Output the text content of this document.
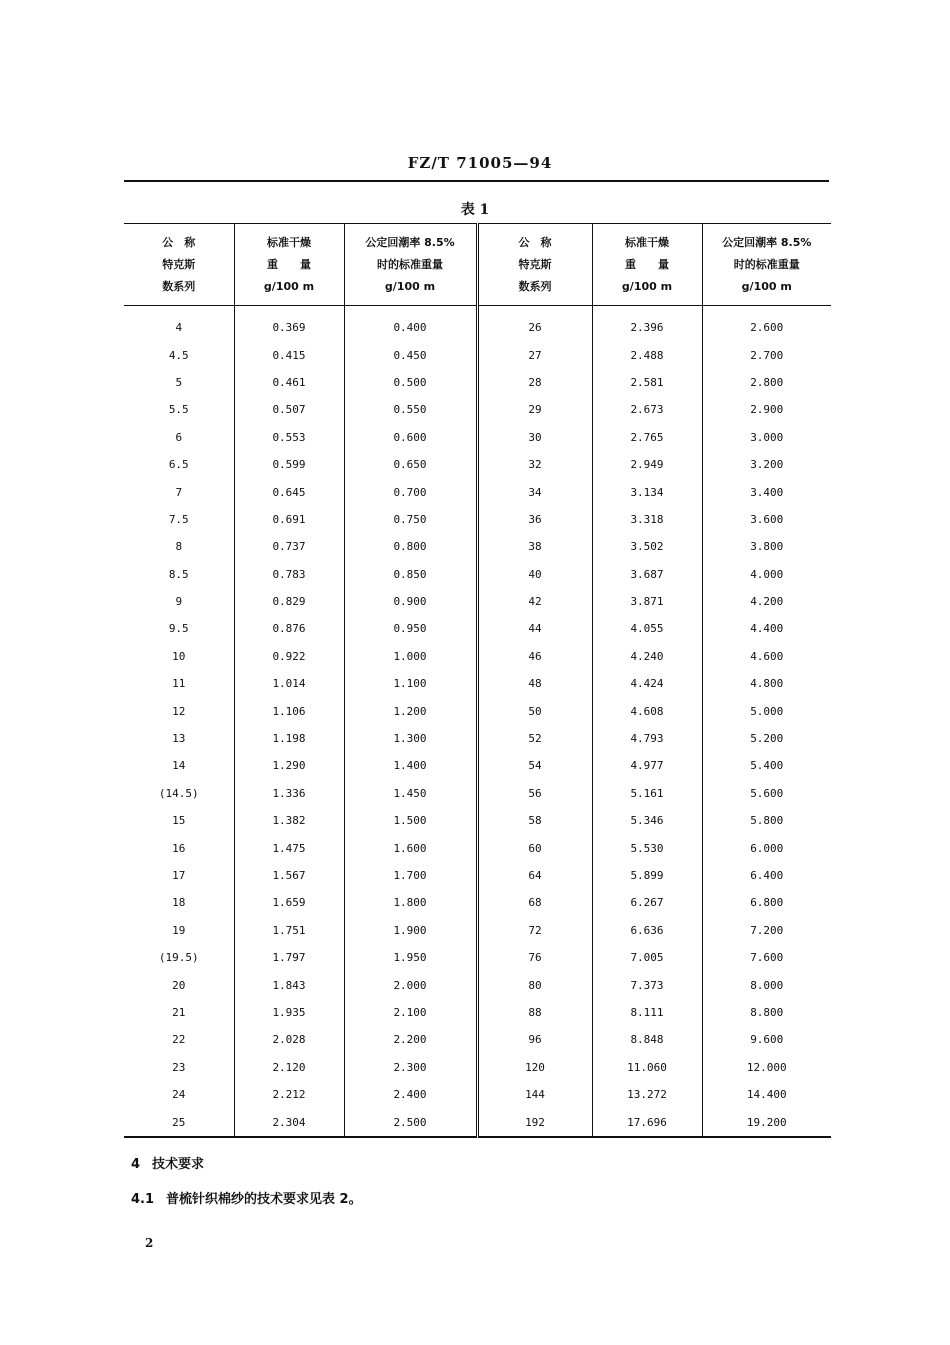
FZ/T 71005—94
表 1
公　称
特克斯
数系列	标准干燥
重　　量
g/100 m	公定回潮率 8.5%
时的标准重量
g/100 m	公　称
特克斯
数系列	标准干燥
重　　量
g/100 m	公定回潮率 8.5%
时的标准重量
g/100 m

4	0.369	0.400	26	2.396	2.600
4.5	0.415	0.450	27	2.488	2.700
5	0.461	0.500	28	2.581	2.800
5.5	0.507	0.550	29	2.673	2.900
6	0.553	0.600	30	2.765	3.000
6.5	0.599	0.650	32	2.949	3.200
7	0.645	0.700	34	3.134	3.400
7.5	0.691	0.750	36	3.318	3.600
8	0.737	0.800	38	3.502	3.800
8.5	0.783	0.850	40	3.687	4.000
9	0.829	0.900	42	3.871	4.200
9.5	0.876	0.950	44	4.055	4.400
10	0.922	1.000	46	4.240	4.600
11	1.014	1.100	48	4.424	4.800
12	1.106	1.200	50	4.608	5.000
13	1.198	1.300	52	4.793	5.200
14	1.290	1.400	54	4.977	5.400
(14.5)	1.336	1.450	56	5.161	5.600
15	1.382	1.500	58	5.346	5.800
16	1.475	1.600	60	5.530	6.000
17	1.567	1.700	64	5.899	6.400
18	1.659	1.800	68	6.267	6.800
19	1.751	1.900	72	6.636	7.200
(19.5)	1.797	1.950	76	7.005	7.600
20	1.843	2.000	80	7.373	8.000
21	1.935	2.100	88	8.111	8.800
22	2.028	2.200	96	8.848	9.600
23	2.120	2.300	120	11.060	12.000
24	2.212	2.400	144	13.272	14.400
25	2.304	2.500	192	17.696	19.200
4 技术要求
4.1 普梳针织棉纱的技术要求见表 2。
2
